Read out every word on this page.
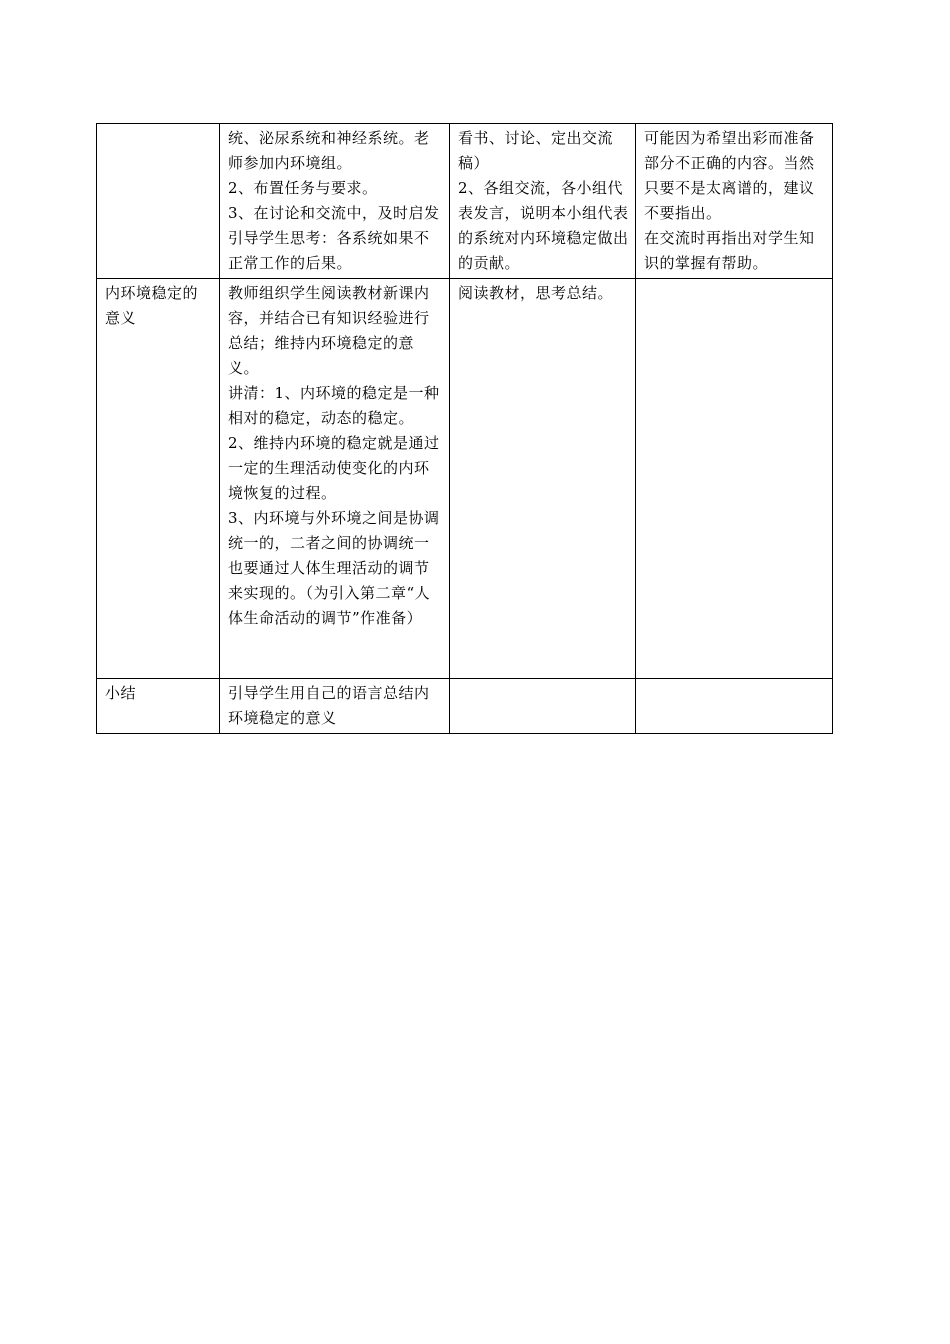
	统、泌尿系统和神经系统。老师参加内环境组。
2、布置任务与要求。
3、在讨论和交流中，及时启发引导学生思考：各系统如果不正常工作的后果。	看书、讨论、定出交流稿）
2、各组交流，各小组代表发言，说明本小组代表的系统对内环境稳定做出的贡献。	可能因为希望出彩而准备部分不正确的内容。当然只要不是太离谱的，建议不要指出。
在交流时再指出对学生知识的掌握有帮助。

内环境稳定的意义	教师组织学生阅读教材新课内容，并结合已有知识经验进行总结；维持内环境稳定的意义。
讲清：1、内环境的稳定是一种相对的稳定，动态的稳定。
2、维持内环境的稳定就是通过一定的生理活动使变化的内环境恢复的过程。
3、内环境与外环境之间是协调统一的，二者之间的协调统一也要通过人体生理活动的调节来实现的。（为引入第二章“人体生命活动的调节”作准备）	阅读教材，思考总结。	

小结	引导学生用自己的语言总结内环境稳定的意义		
